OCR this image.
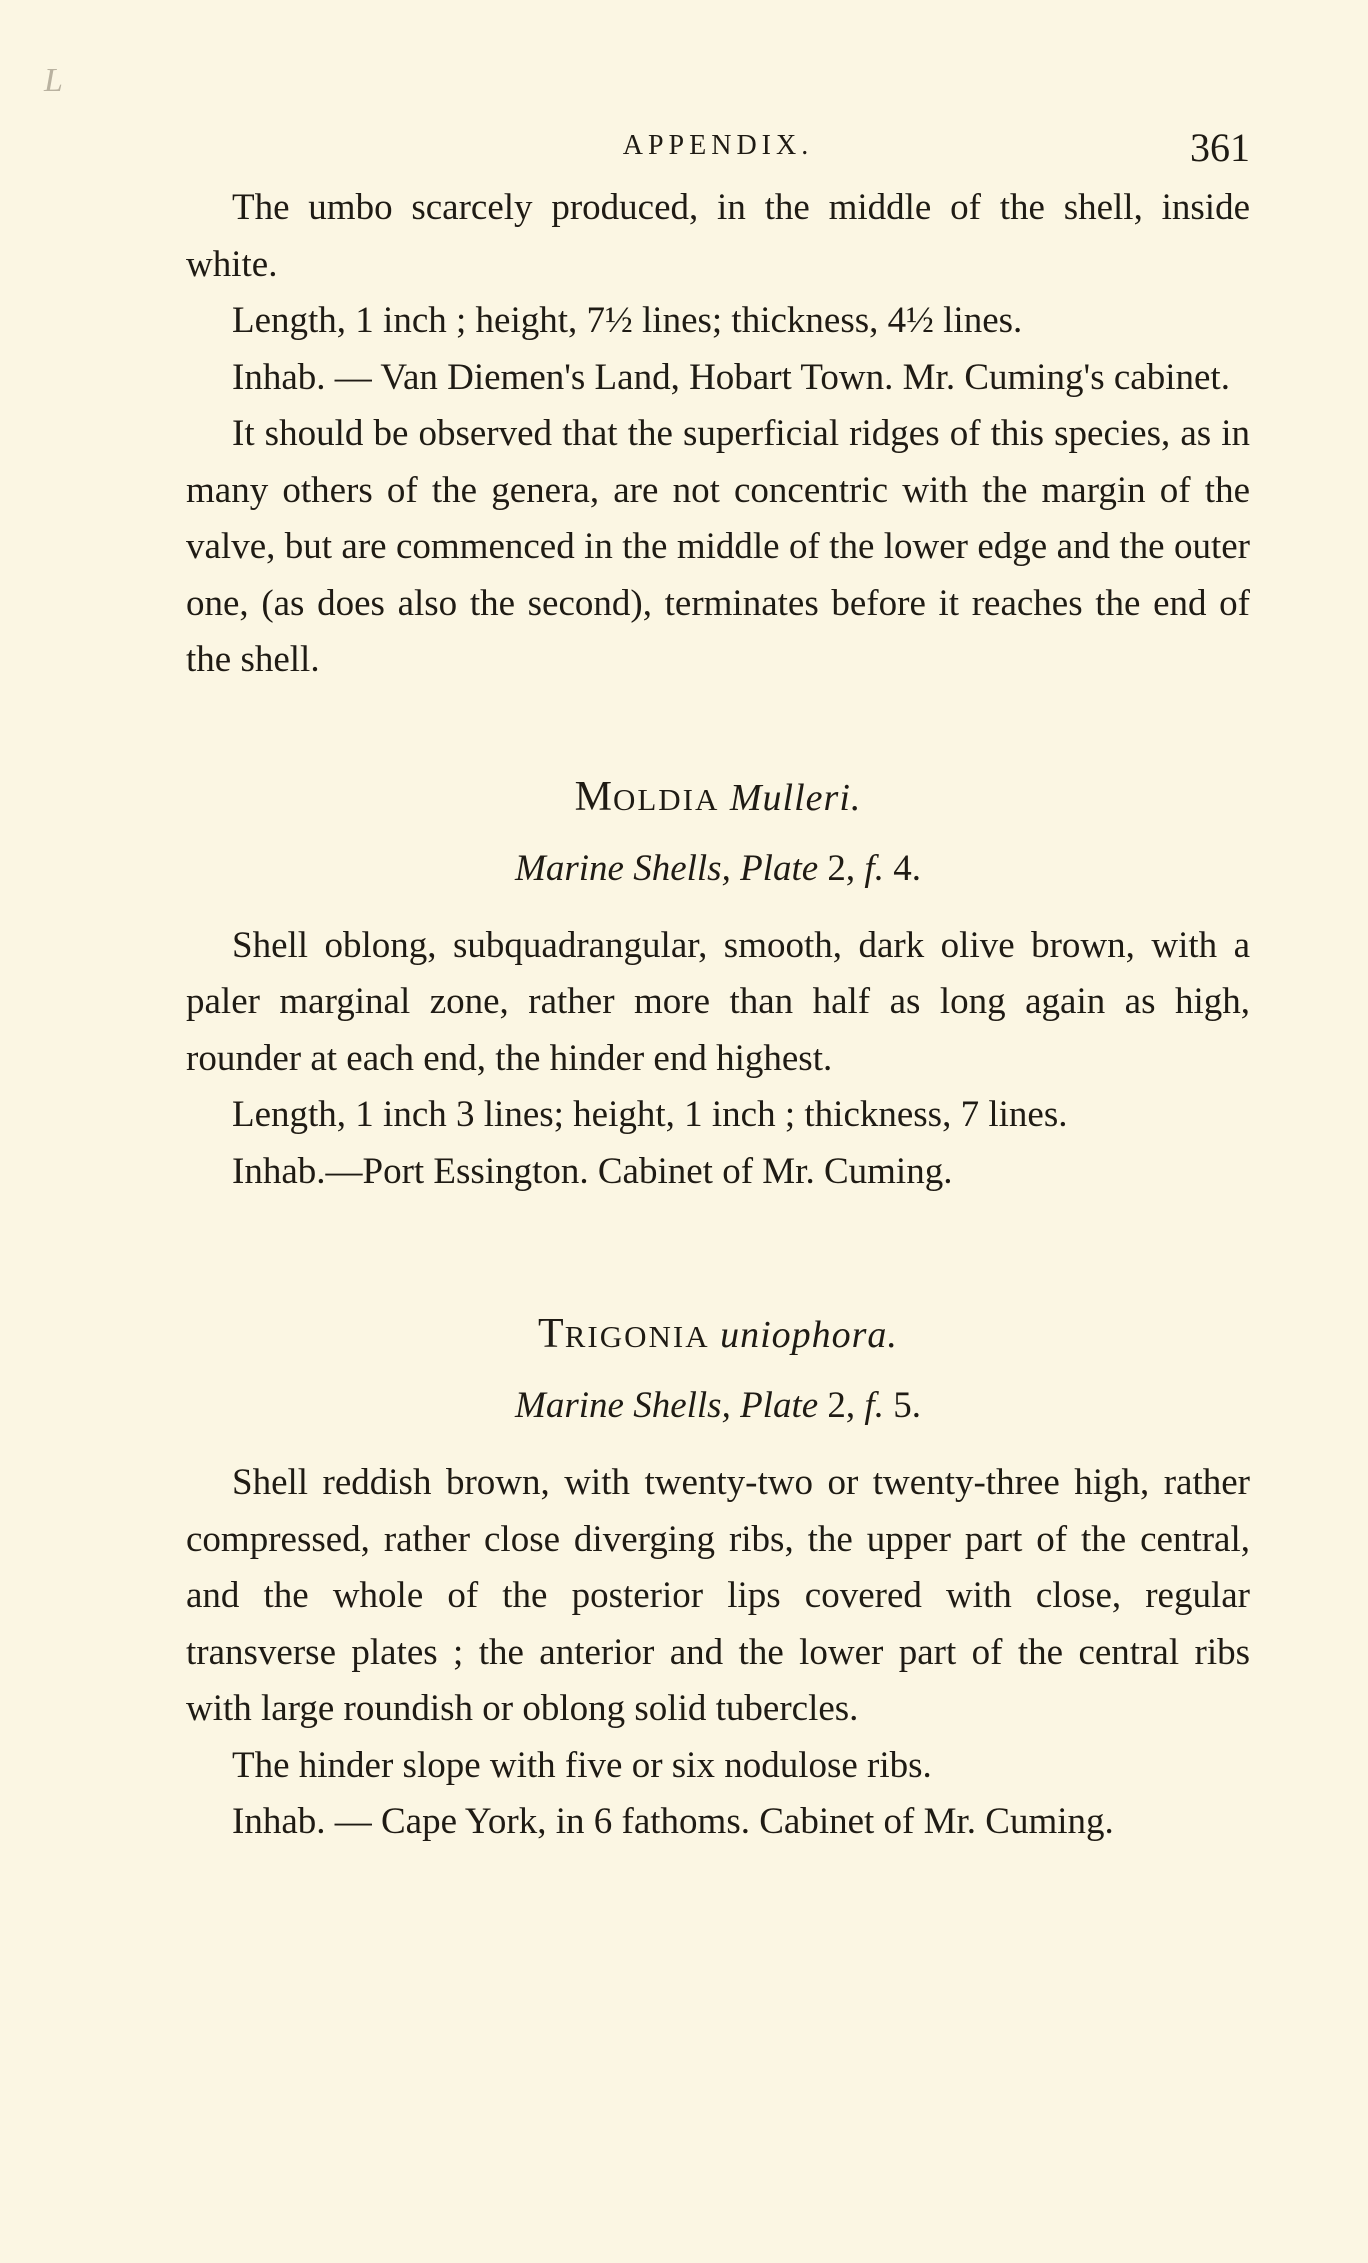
L
APPENDIX.	361

The umbo scarcely produced, in the middle of the shell, inside white.

Length, 1 inch ; height, 7½ lines; thickness, 4½ lines.

Inhab. — Van Diemen's Land, Hobart Town. Mr. Cuming's cabinet.

It should be observed that the superficial ridges of this species, as in many others of the genera, are not concentric with the margin of the valve, but are commenced in the middle of the lower edge and the outer one, (as does also the second), terminates before it reaches the end of the shell.

MOLDIA Mulleri.
Marine Shells, Plate 2, f. 4.

Shell oblong, subquadrangular, smooth, dark olive brown, with a paler marginal zone, rather more than half as long again as high, rounder at each end, the hinder end highest.

Length, 1 inch 3 lines; height, 1 inch ; thickness, 7 lines.

Inhab.—Port Essington. Cabinet of Mr. Cuming.

TRIGONIA uniophora.
Marine Shells, Plate 2, f. 5.

Shell reddish brown, with twenty-two or twenty-three high, rather compressed, rather close diverging ribs, the upper part of the central, and the whole of the posterior lips covered with close, regular transverse plates ; the anterior and the lower part of the central ribs with large roundish or oblong solid tubercles.

The hinder slope with five or six nodulose ribs.

Inhab. — Cape York, in 6 fathoms. Cabinet of Mr. Cuming.
